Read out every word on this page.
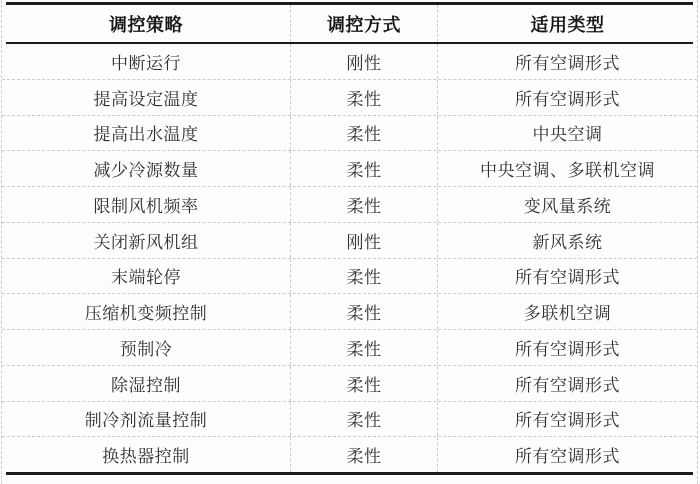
调控策略	调控方式	适用类型
中断运行	刚性	所有空调形式
提高设定温度	柔性	所有空调形式
提高出水温度	柔性	中央空调
减少冷源数量	柔性	中央空调、多联机空调
限制风机频率	柔性	变风量系统
关闭新风机组	刚性	新风系统
末端轮停	柔性	所有空调形式
压缩机变频控制	柔性	多联机空调
预制冷	柔性	所有空调形式
除湿控制	柔性	所有空调形式
制冷剂流量控制	柔性	所有空调形式
换热器控制	柔性	所有空调形式
